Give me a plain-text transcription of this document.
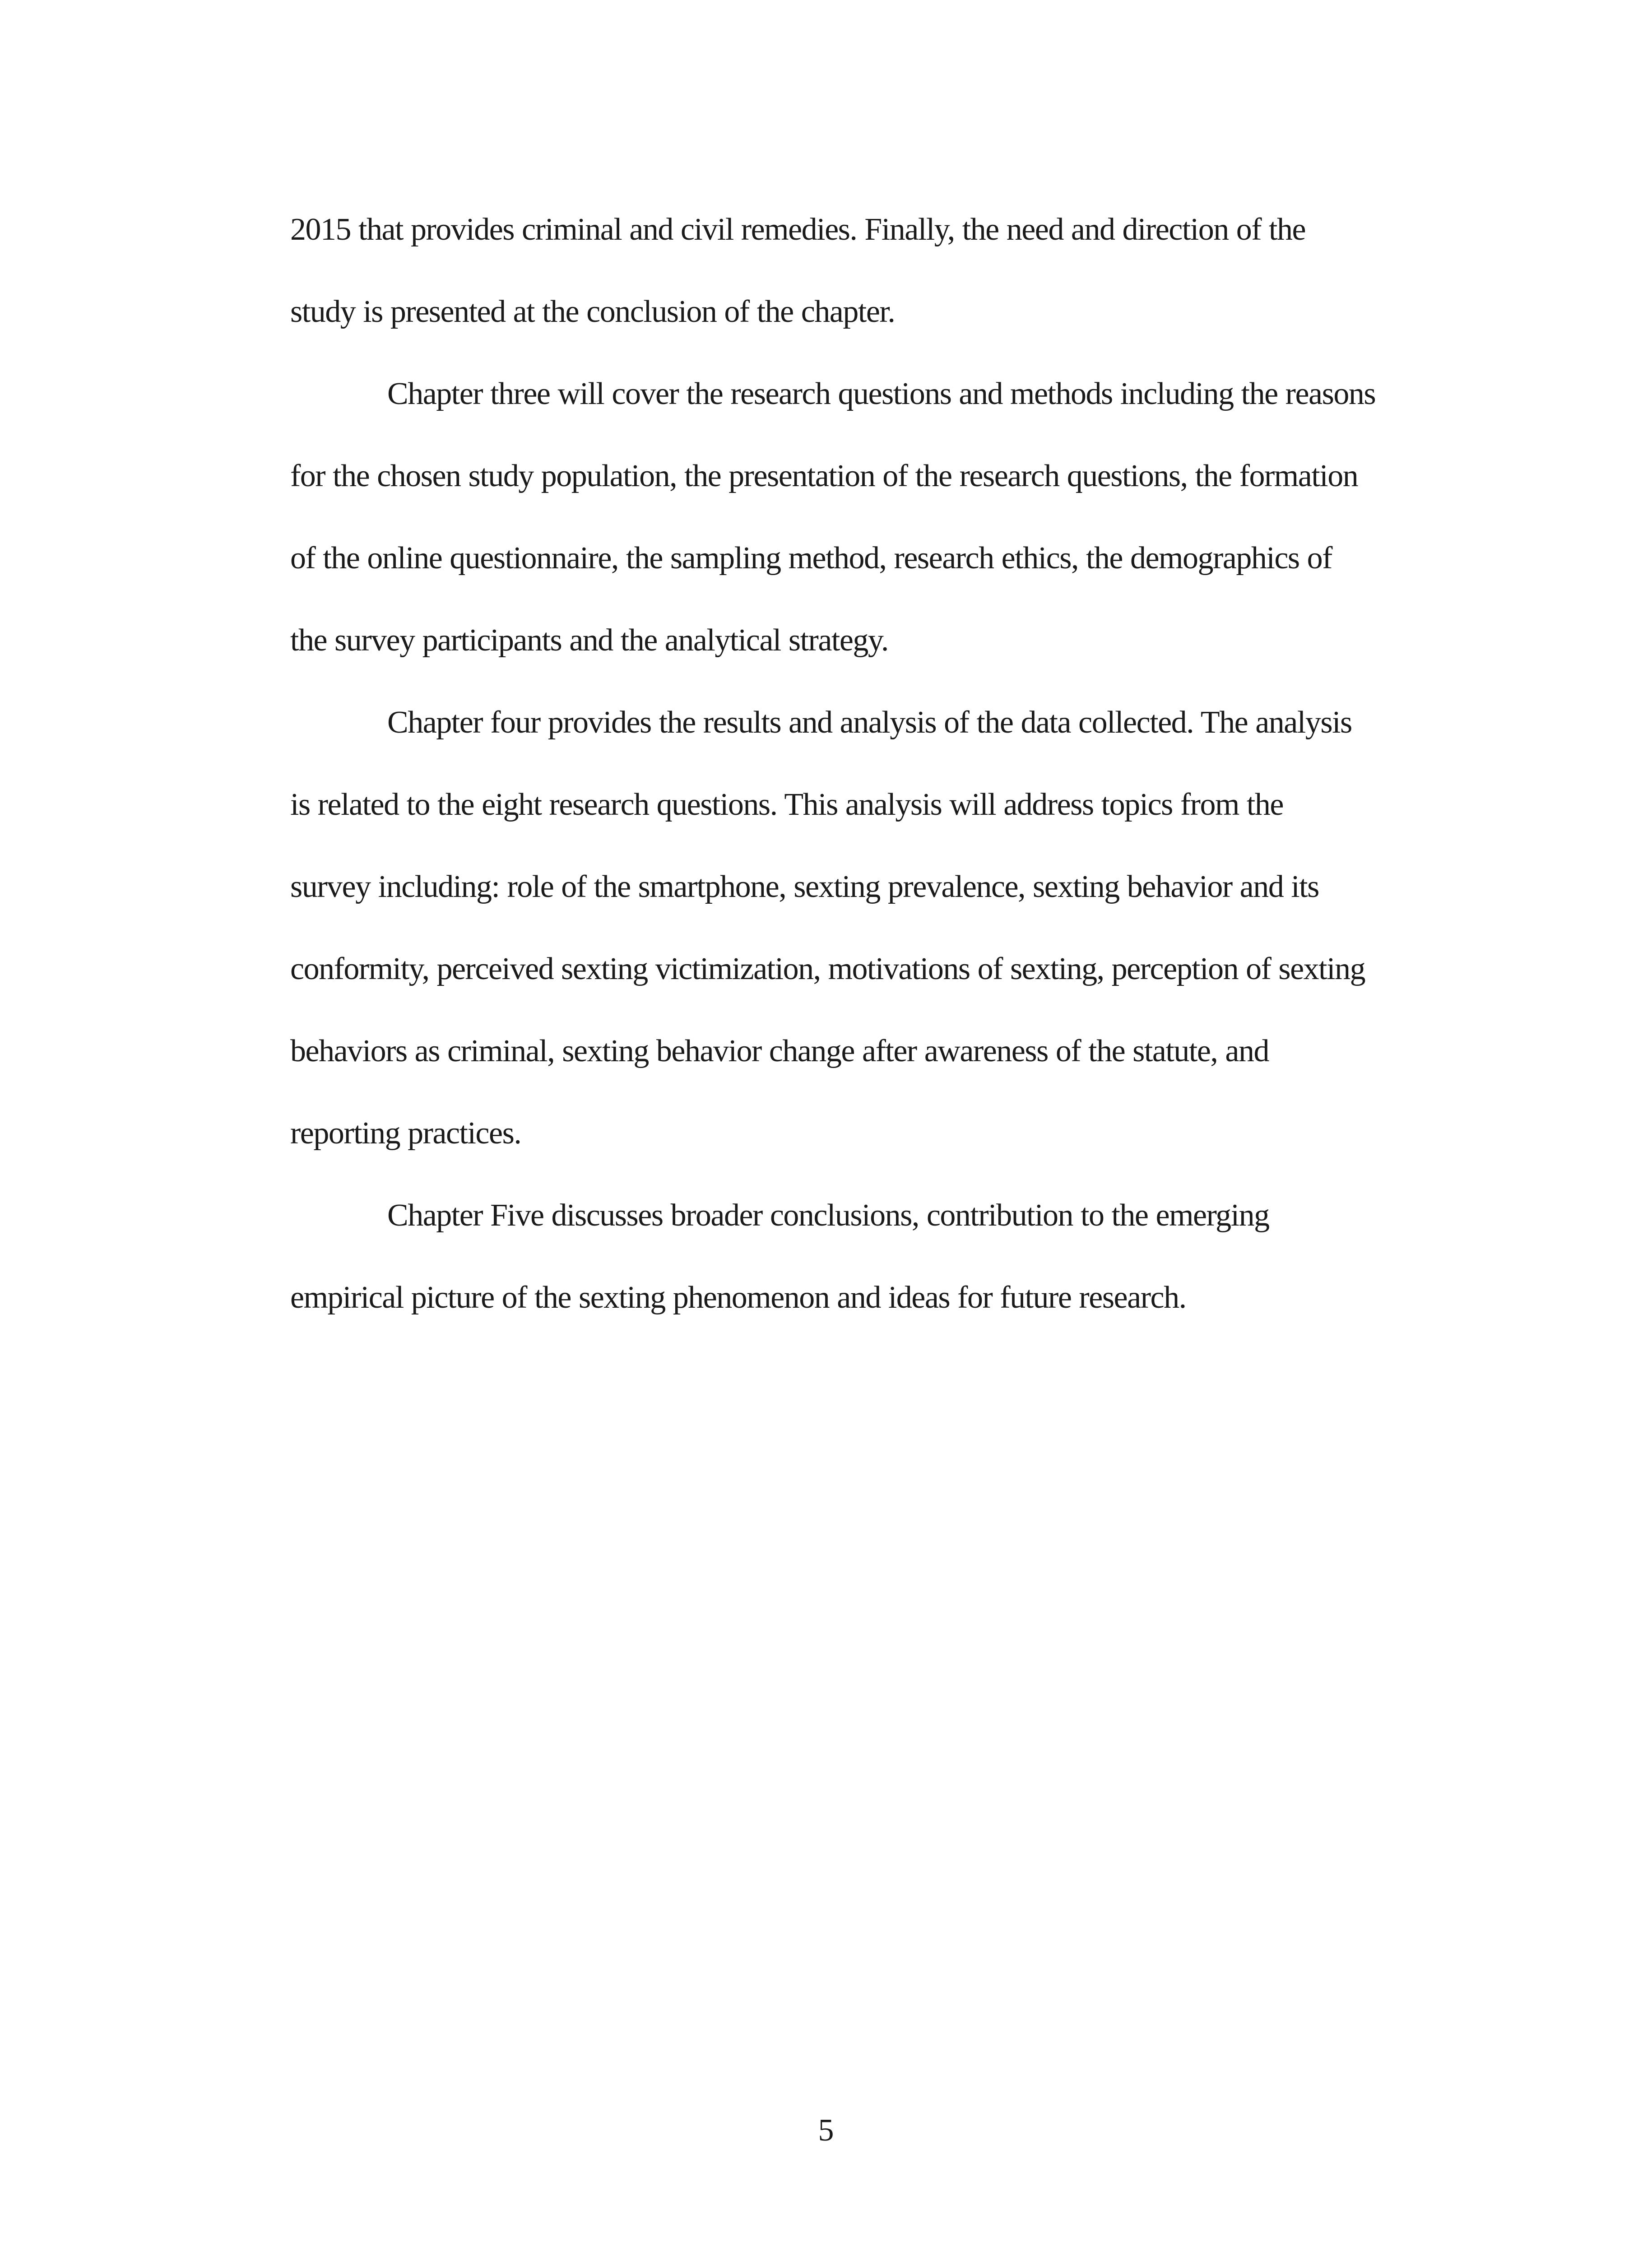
2015 that provides criminal and civil remedies. Finally, the need and direction of the
study is presented at the conclusion of the chapter.
Chapter three will cover the research questions and methods including the reasons
for the chosen study population, the presentation of the research questions, the formation
of the online questionnaire, the sampling method, research ethics, the demographics of
the survey participants and the analytical strategy.
Chapter four provides the results and analysis of the data collected. The analysis
is related to the eight research questions. This analysis will address topics from the
survey including: role of the smartphone, sexting prevalence, sexting behavior and its
conformity, perceived sexting victimization, motivations of sexting, perception of sexting
behaviors as criminal, sexting behavior change after awareness of the statute, and
reporting practices.
Chapter Five discusses broader conclusions, contribution to the emerging
empirical picture of the sexting phenomenon and ideas for future research.
5
